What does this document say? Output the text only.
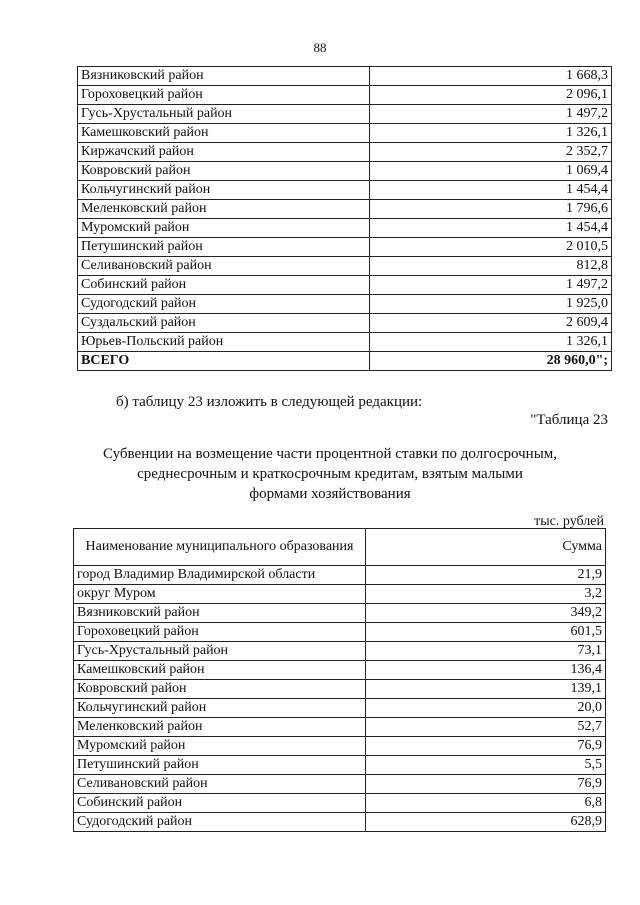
88
Вязниковский район	1 668,3
Гороховецкий район	2 096,1
Гусь-Хрустальный район	1 497,2
Камешковский район	1 326,1
Киржачский район	2 352,7
Ковровский район	1 069,4
Кольчугинский район	1 454,4
Меленковский район	1 796,6
Муромский район	1 454,4
Петушинский район	2 010,5
Селивановский район	812,8
Собинский район	1 497,2
Судогодский район	1 925,0
Суздальский район	2 609,4
Юрьев-Польский район	1 326,1
ВСЕГО	28 960,0";
б) таблицу 23 изложить в следующей редакции:
"Таблица 23
Субвенции на возмещение части процентной ставки по долгосрочным,
среднесрочным и краткосрочным кредитам, взятым малыми
формами хозяйствования
тыс. рублей
Наименование муниципального образования	Сумма
город Владимир Владимирской области	21,9
округ Муром	3,2
Вязниковский район	349,2
Гороховецкий район	601,5
Гусь-Хрустальный район	73,1
Камешковский район	136,4
Ковровский район	139,1
Кольчугинский район	20,0
Меленковский район	52,7
Муромский район	76,9
Петушинский район	5,5
Селивановский район	76,9
Собинский район	6,8
Судогодский район	628,9
